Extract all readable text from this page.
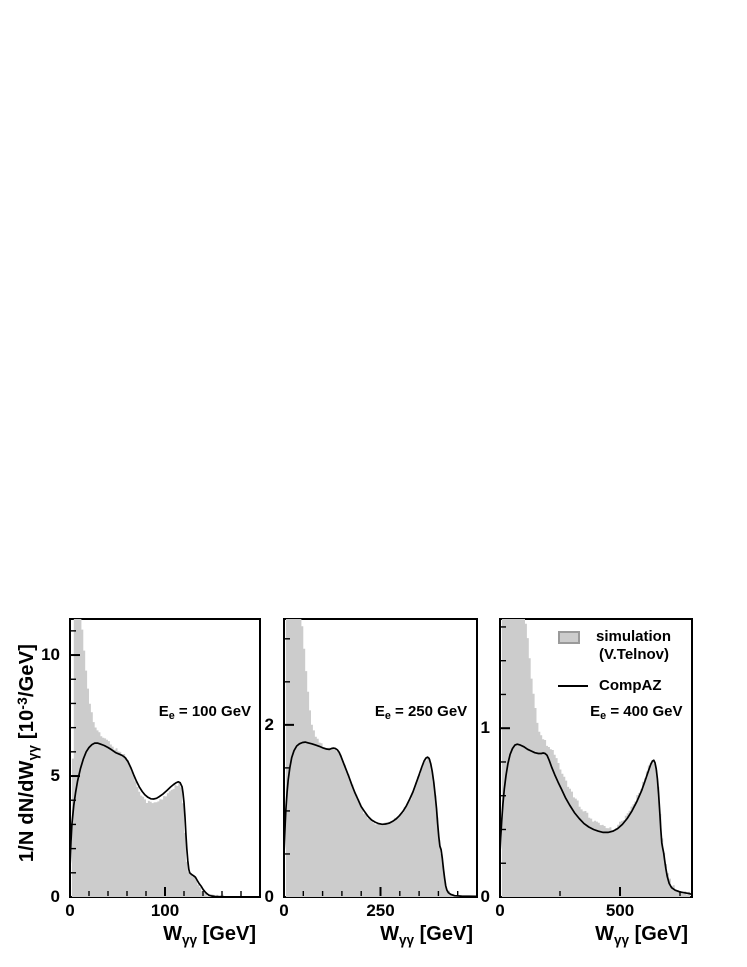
1/N $dN/dW_{\gamma\gamma}$ $[10^{-3}/GeV]$
$E_e = 100$ GeV	$E_e = 250$ GeV	$E_e = 400$ GeV
$W_{\gamma\gamma}$ [GeV]	$W_{\gamma\gamma}$ [GeV]	$W_{\gamma\gamma}$ [GeV]
simulation
(V.Telnov)
CompAZ
0	100
0
5
10
0	250
0
2
0	500
0
1
